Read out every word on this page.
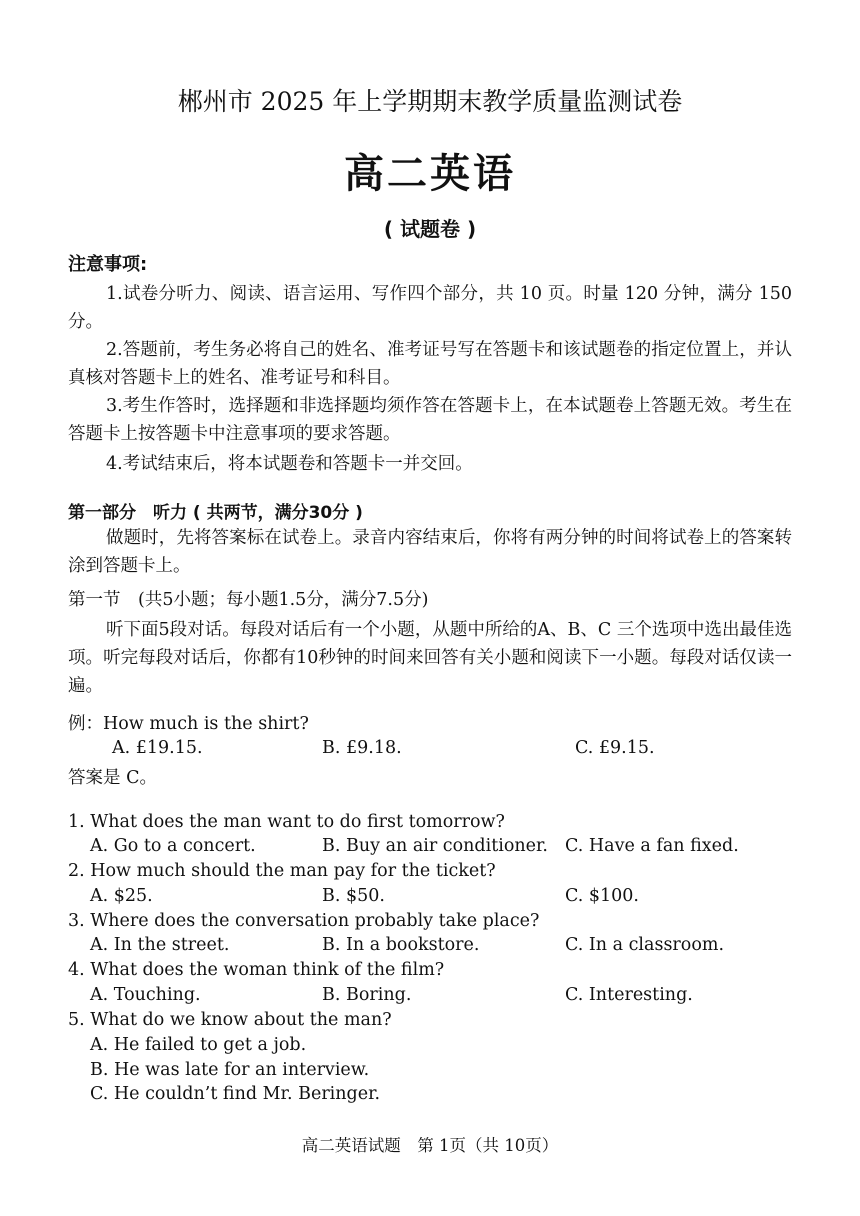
郴州市 2025 年上学期期末教学质量监测试卷
高二英语
( 试题卷 )
注意事项:

1.试卷分听力、阅读、语言运用、写作四个部分，共 10 页。时量 120 分钟，满分 150 分。

2.答题前，考生务必将自己的姓名、准考证号写在答题卡和该试题卷的指定位置上，并认真核对答题卡上的姓名、准考证号和科目。

3.考生作答时，选择题和非选择题均须作答在答题卡上，在本试题卷上答题无效。考生在答题卡上按答题卡中注意事项的要求答题。

4.考试结束后，将本试题卷和答题卡一并交回。

第一部分　听力 ( 共两节，满分30分 )

做题时，先将答案标在试卷上。录音内容结束后，你将有两分钟的时间将试卷上的答案转涂到答题卡上。

第一节　(共5小题；每小题1.5分，满分7.5分)

听下面5段对话。每段对话后有一个小题，从题中所给的A、B、C 三个选项中选出最佳选项。听完每段对话后，你都有10秒钟的时间来回答有关小题和阅读下一小题。每段对话仅读一遍。

例：How much is the shirt?
A. £19.15.	B. £9.18.	C. £9.15.
答案是 C。
1. What does the man want to do first tomorrow?
A. Go to a concert.	B. Buy an air conditioner. C. Have a fan fixed.
2. How much should the man pay for the ticket?
A. $25.	B. $50.	C. $100.
3. Where does the conversation probably take place?
A. In the street.	B. In a bookstore.	C. In a classroom.
4. What does the woman think of the film?
A. Touching.	B. Boring.	C. Interesting.
5. What do we know about the man?
A. He failed to get a job.
B. He was late for an interview.
C. He couldn’t find Mr. Beringer.
高二英语试题　第 1页（共 10页）
